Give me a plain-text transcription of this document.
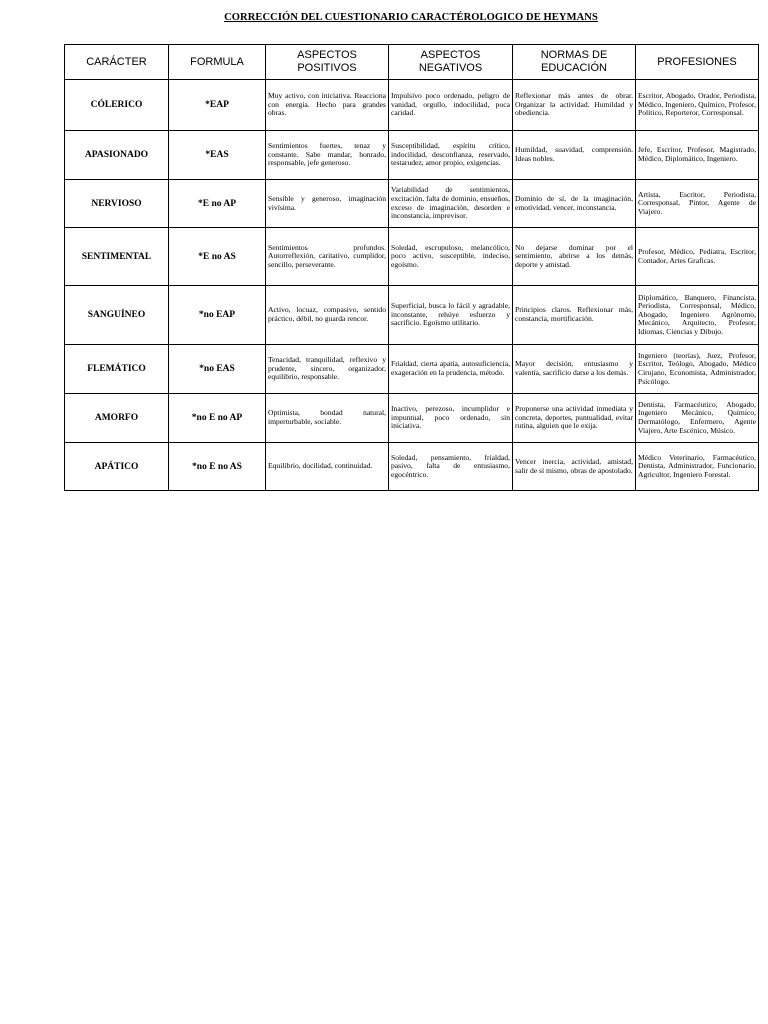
CORRECCIÓN DEL CUESTIONARIO CARACTÉROLOGICO DE HEYMANS
CARÁCTER	FORMULA	ASPECTOS POSITIVOS	ASPECTOS NEGATIVOS	NORMAS DE EDUCACIÓN	PROFESIONES
CÓLERICO	*EAP	Muy activo, con iniciativa. Reacciona con energía. Hecho para grandes obras.	Impulsivo poco ordenado, peligro de vanidad, orgullo, indocilidad, poca caridad.	Reflexionar más antes de obrar. Organizar la actividad. Humildad y obediencia.	Escritor, Abogado, Orador, Periodista, Médico, Ingeniero, Químico, Profesor, Político, Reporteror, Corresponsal.
APASIONADO	*EAS	Sentimientos fuertes, tenaz y constante. Sabe mandar, honrado, responsable, jefe generoso.	Susceptibilidad, espíritu crítico, indocilidad, desconfianza, reservado, testarudez, amor propio, exigencias.	Humildad, suavidad, comprensión. Ideas nobles.	Jefe, Escritor, Profesor, Magistrado, Médico, Diplomático, Ingeniero.
NERVIOSO	*E no AP	Sensible y generoso, imaginación vivísima.	Variabilidad de sentimientos, excitación, falta de dominio, ensueños, exceso de imaginación, desorden e inconstancia, imprevisor.	Dominio de sí, de la imaginación, emotividad, vencer, inconstancia.	Artista, Escritor, Periodista, Corresponsal, Pintor, Agente de Viajero.
SENTIMENTAL	*E no AS	Sentimientos profundos. Autorreflexión, caritativo, cumplidor, sencillo, perseverante.	Soledad, escrupuloso, melancólico, poco activo, susceptible, indeciso, egoísmo.	No dejarse dominar por el sentimiento, abrirse a los demás, deporte y amistad.	Profesor, Médico, Pediatra, Escritor, Contador, Artes Graficas.
SANGUÍNEO	*no EAP	Activo, locuaz, compasivo, sentido práctico, débil, no guarda rencor.	Superficial, busca lo fácil y agradable, inconstante, rehúye esfuerzo y sacrificio. Egoísmo utilitario.	Principios claros. Reflexionar más, constancia, mortificación.	Diplomático, Banquero, Financista, Periodista, Corresponsal, Médico, Abogado, Ingeniero Agrónomo, Mecánico, Arquitecto, Profesor, Idiomas, Ciencias y Dibujo.
FLEMÁTICO	*no EAS	Tenacidad, tranquilidad, reflexivo y prudente, sincero, organizador, equilibrio, responsable.	Frialdad, cierta apatía, autosuficiencia, exageración en la prudencia, método.	Mayor decisión, entusiasmo y valentía, sacrificio darse a los demás.	Ingeniero (teorías), Juez, Profesor, Escritor, Teólogo, Abogado, Médico Cirujano, Economista, Administrador, Psicólogo.
AMORFO	*no E no AP	Optimista, bondad natural, imperturbable, sociable.	Inactivo, perezoso, incumplidor e impuntual, poco ordenado, sin iniciativa.	Proponerse una actividad inmediata y concreta, deportes, puntualidad, evitar rutina, alguien que le exija.	Dentista, Farmacéutico, Abogado, Ingeniero Mecánico, Químico, Dermatólogo, Enfermero, Agente Viajero, Arte Escénico, Músico.
APÁTICO	*no E no AS	Equilibrio, docilidad, continuidad.	Soledad, pensamiento, frialdad, pasivo, falta de entusiasmo, egocéntrico.	Vencer inercia, actividad, amistad, salir de sí mismo, obras de apostolado.	Médico Veterinario, Farmacéutico, Dentista, Administrador, Funcionario, Agricultor, Ingeniero Forestal.
